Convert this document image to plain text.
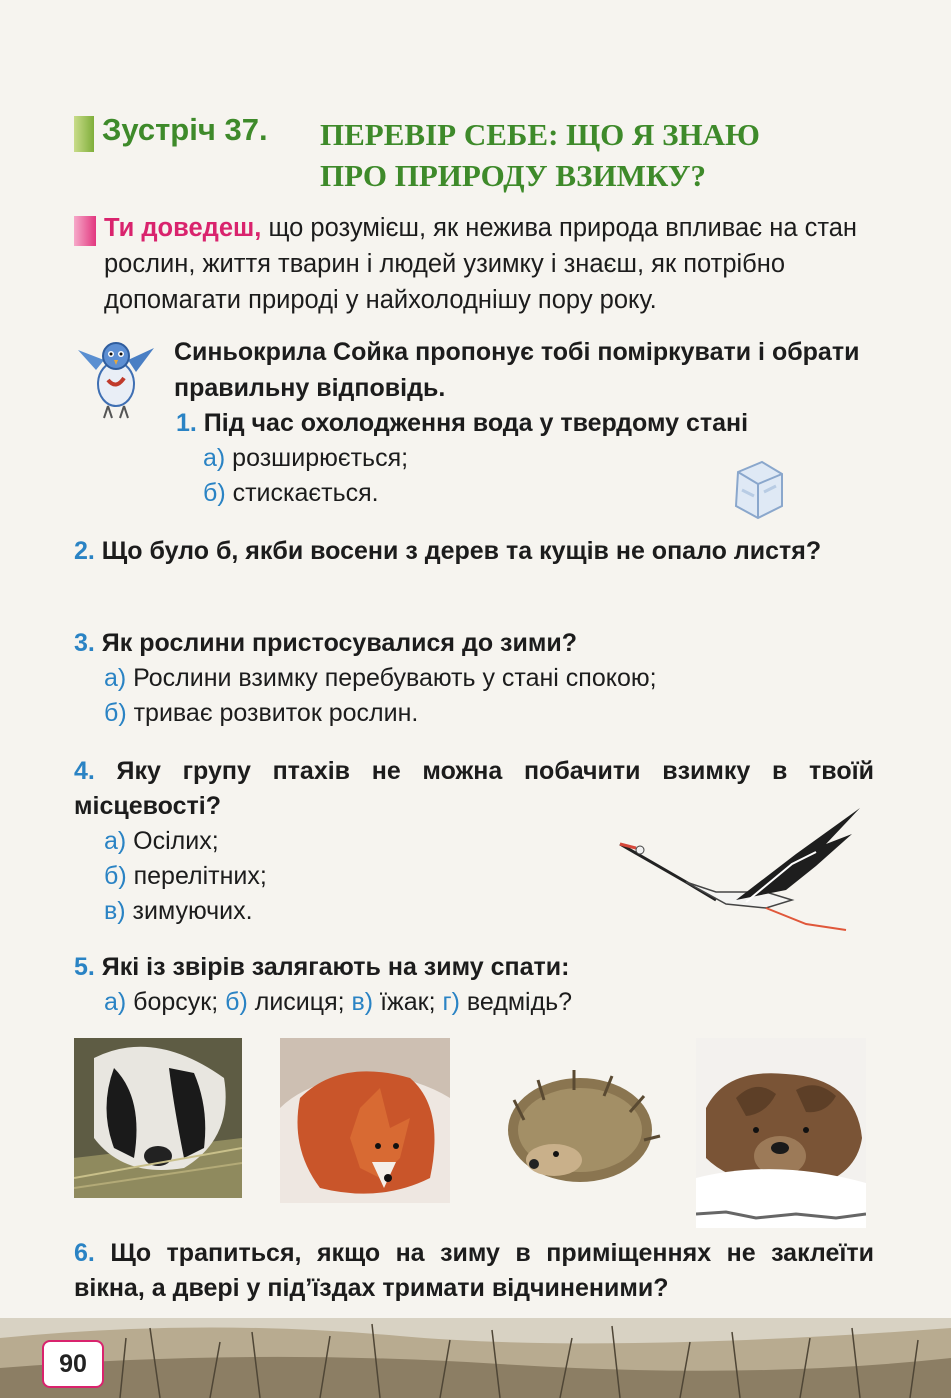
Зустріч 37. ПЕРЕВІР СЕБЕ: ЩО Я ЗНАЮ
ПРО ПРИРОДУ ВЗИМКУ?
Ти доведеш, що розумієш, як нежива природа впливає на стан рослин, життя тварин і людей узимку і знаєш, як потрібно допомагати природі у найхолоднішу пору року.
Синьокрила Сойка пропонує тобі поміркувати і обрати правильну відповідь.
1. Під час охолодження вода у твердому стані
а) розширюється;
б) стискається.
2. Що було б, якби восени з дерев та кущів не опало листя?
3. Як рослини пристосувалися до зими?
а) Рослини взимку перебувають у стані спокою;
б) триває розвиток рослин.
4. Яку групу птахів не можна побачити взимку в твоїй місцевості?
а) Осілих;
б) перелітних;
в) зимуючих.
5. Які із звірів залягають на зиму спати:
а) борсук; б) лисиця; в) їжак; г) ведмідь?
6. Що трапиться, якщо на зиму в приміщеннях не заклеїти вікна, а двері у під’їздах тримати відчиненими?
90
